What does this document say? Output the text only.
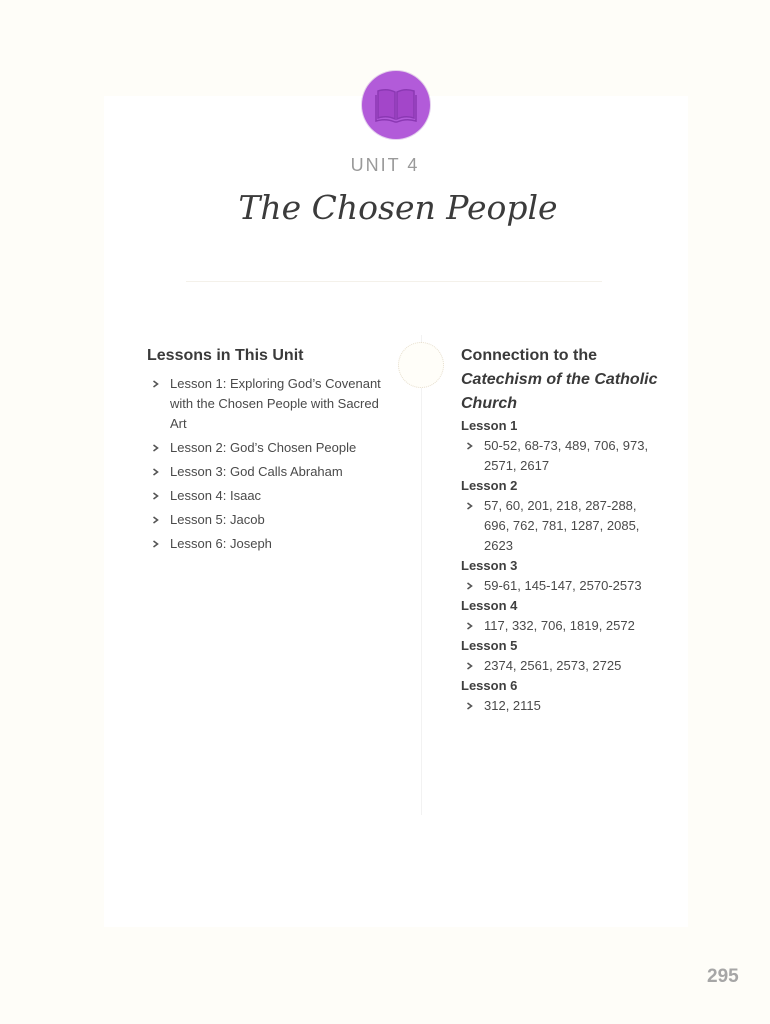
UNIT 4
The Chosen People
Lessons in This Unit
Lesson 1: Exploring God’s Covenant with the Chosen People with Sacred Art
Lesson 2: God’s Chosen People
Lesson 3: God Calls Abraham
Lesson 4: Isaac
Lesson 5: Jacob
Lesson 6: Joseph
Connection to the
Catechism of the Catholic Church

Lesson 1

50-52, 68-73, 489, 706, 973, 2571, 2617

Lesson 2

57, 60, 201, 218, 287-288, 696, 762, 781, 1287, 2085, 2623

Lesson 3

59-61, 145-147, 2570-2573

Lesson 4

117, 332, 706, 1819, 2572

Lesson 5

2374, 2561, 2573, 2725

Lesson 6

312, 2115
295
